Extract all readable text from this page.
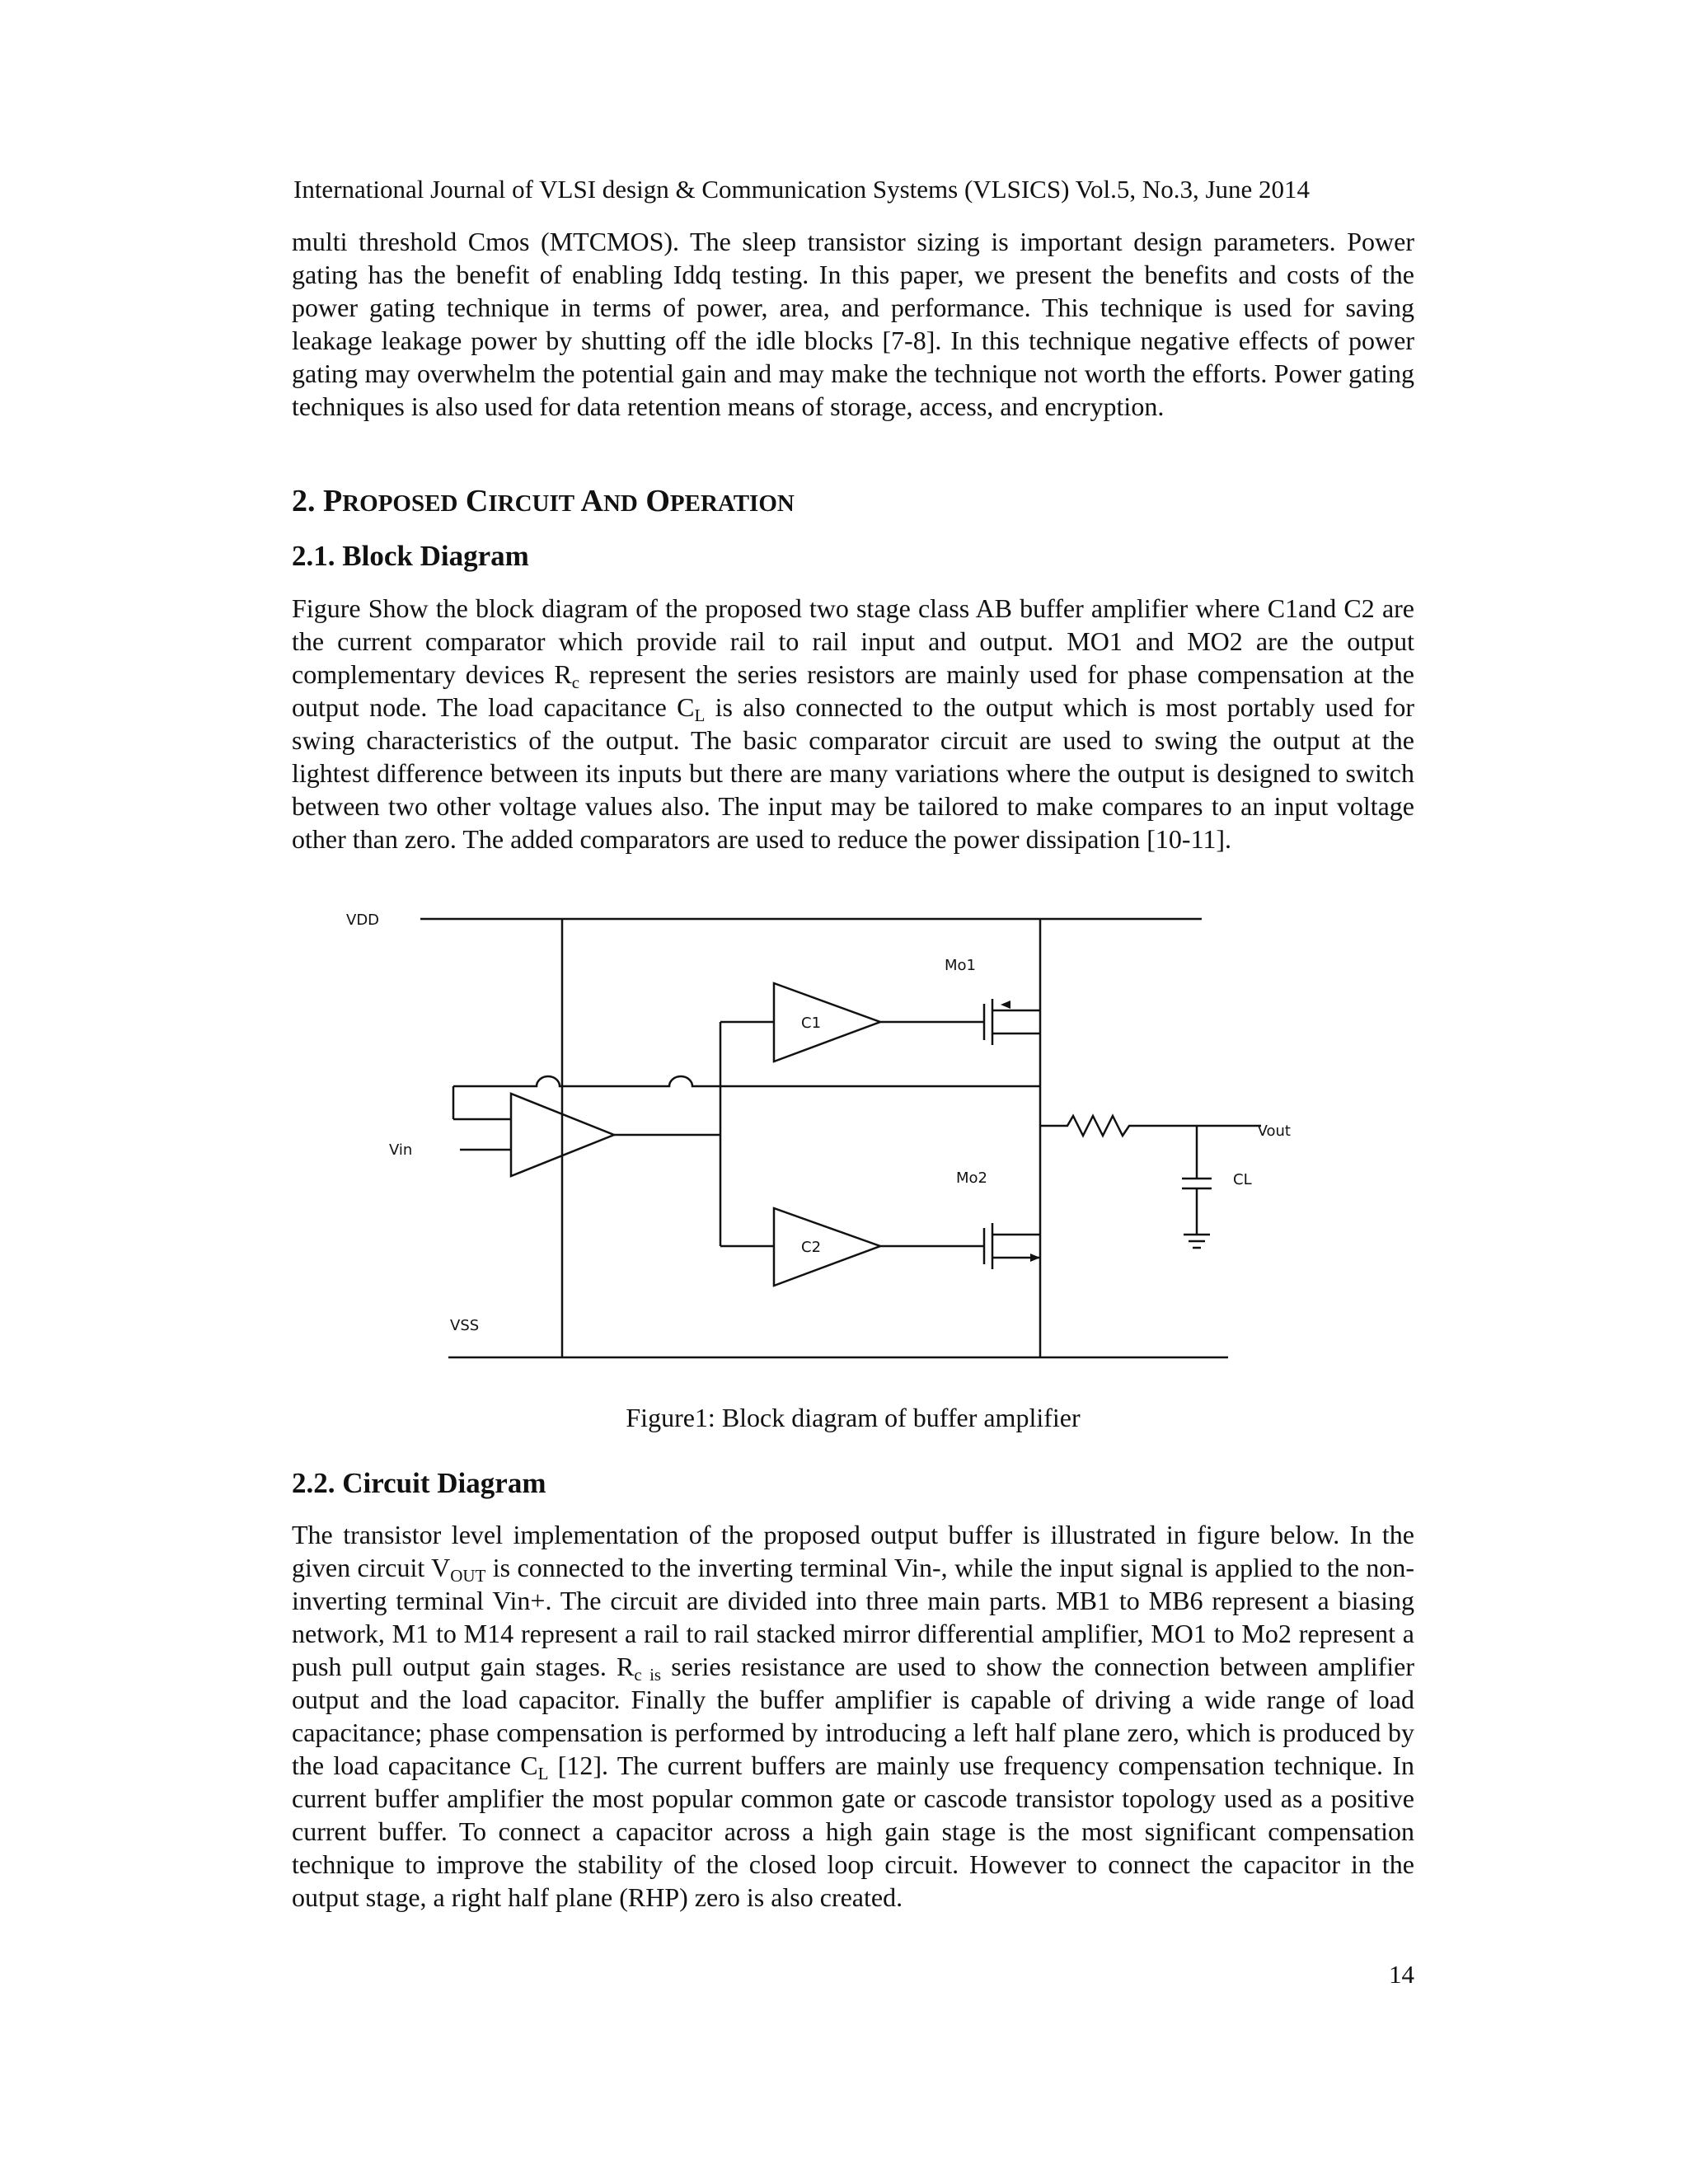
International Journal of VLSI design & Communication Systems (VLSICS) Vol.5, No.3, June 2014

multi threshold Cmos (MTCMOS). The sleep transistor sizing is important design parameters. Power gating has the benefit of enabling Iddq testing. In this paper, we present the benefits and costs of the power gating technique in terms of power, area, and performance. This technique is used for saving leakage leakage power by shutting off the idle blocks [7-8]. In this technique negative effects of power gating may overwhelm the potential gain and may make the technique not worth the efforts. Power gating techniques is also used for data retention means of storage, access, and encryption.

2. PROPOSED CIRCUIT AND OPERATION
2.1. Block Diagram

Figure Show the block diagram of the proposed two stage class AB buffer amplifier where C1and C2 are the current comparator which provide rail to rail input and output. MO1 and MO2 are the output complementary devices $R_c$ represent the series resistors are mainly used for phase compensation at the output node. The load capacitance $C_L$ is also connected to the output which is most portably used for swing characteristics of the output. The basic comparator circuit are used to swing the output at the lightest difference between its inputs but there are many variations where the output is designed to switch between two other voltage values also. The input may be tailored to make compares to an input voltage other than zero. The added comparators are used to reduce the power dissipation [10-11].

VDD
VSS
Vin
Vout
C1
C2
Mo1
Mo2	CL
Figure1: Block diagram of buffer amplifier
2.2. Circuit Diagram

The transistor level implementation of the proposed output buffer is illustrated in figure below. In the given circuit $V_{OUT}$ is connected to the inverting terminal Vin-, while the input signal is applied to the non-inverting terminal Vin+. The circuit are divided into three main parts. MB1 to MB6 represent a biasing network, M1 to M14 represent a rail to rail stacked mirror differential amplifier, MO1 to Mo2 represent a push pull output gain stages. $R_{c is}$ series resistance are used to show the connection between amplifier output and the load capacitor. Finally the buffer amplifier is capable of driving a wide range of load capacitance; phase compensation is performed by introducing a left half plane zero, which is produced by the load capacitance $C_L$ [12]. The current buffers are mainly use frequency compensation technique. In current buffer amplifier the most popular common gate or cascode transistor topology used as a positive current buffer. To connect a capacitor across a high gain stage is the most significant compensation technique to improve the stability of the closed loop circuit. However to connect the capacitor in the output stage, a right half plane (RHP) zero is also created.

14
